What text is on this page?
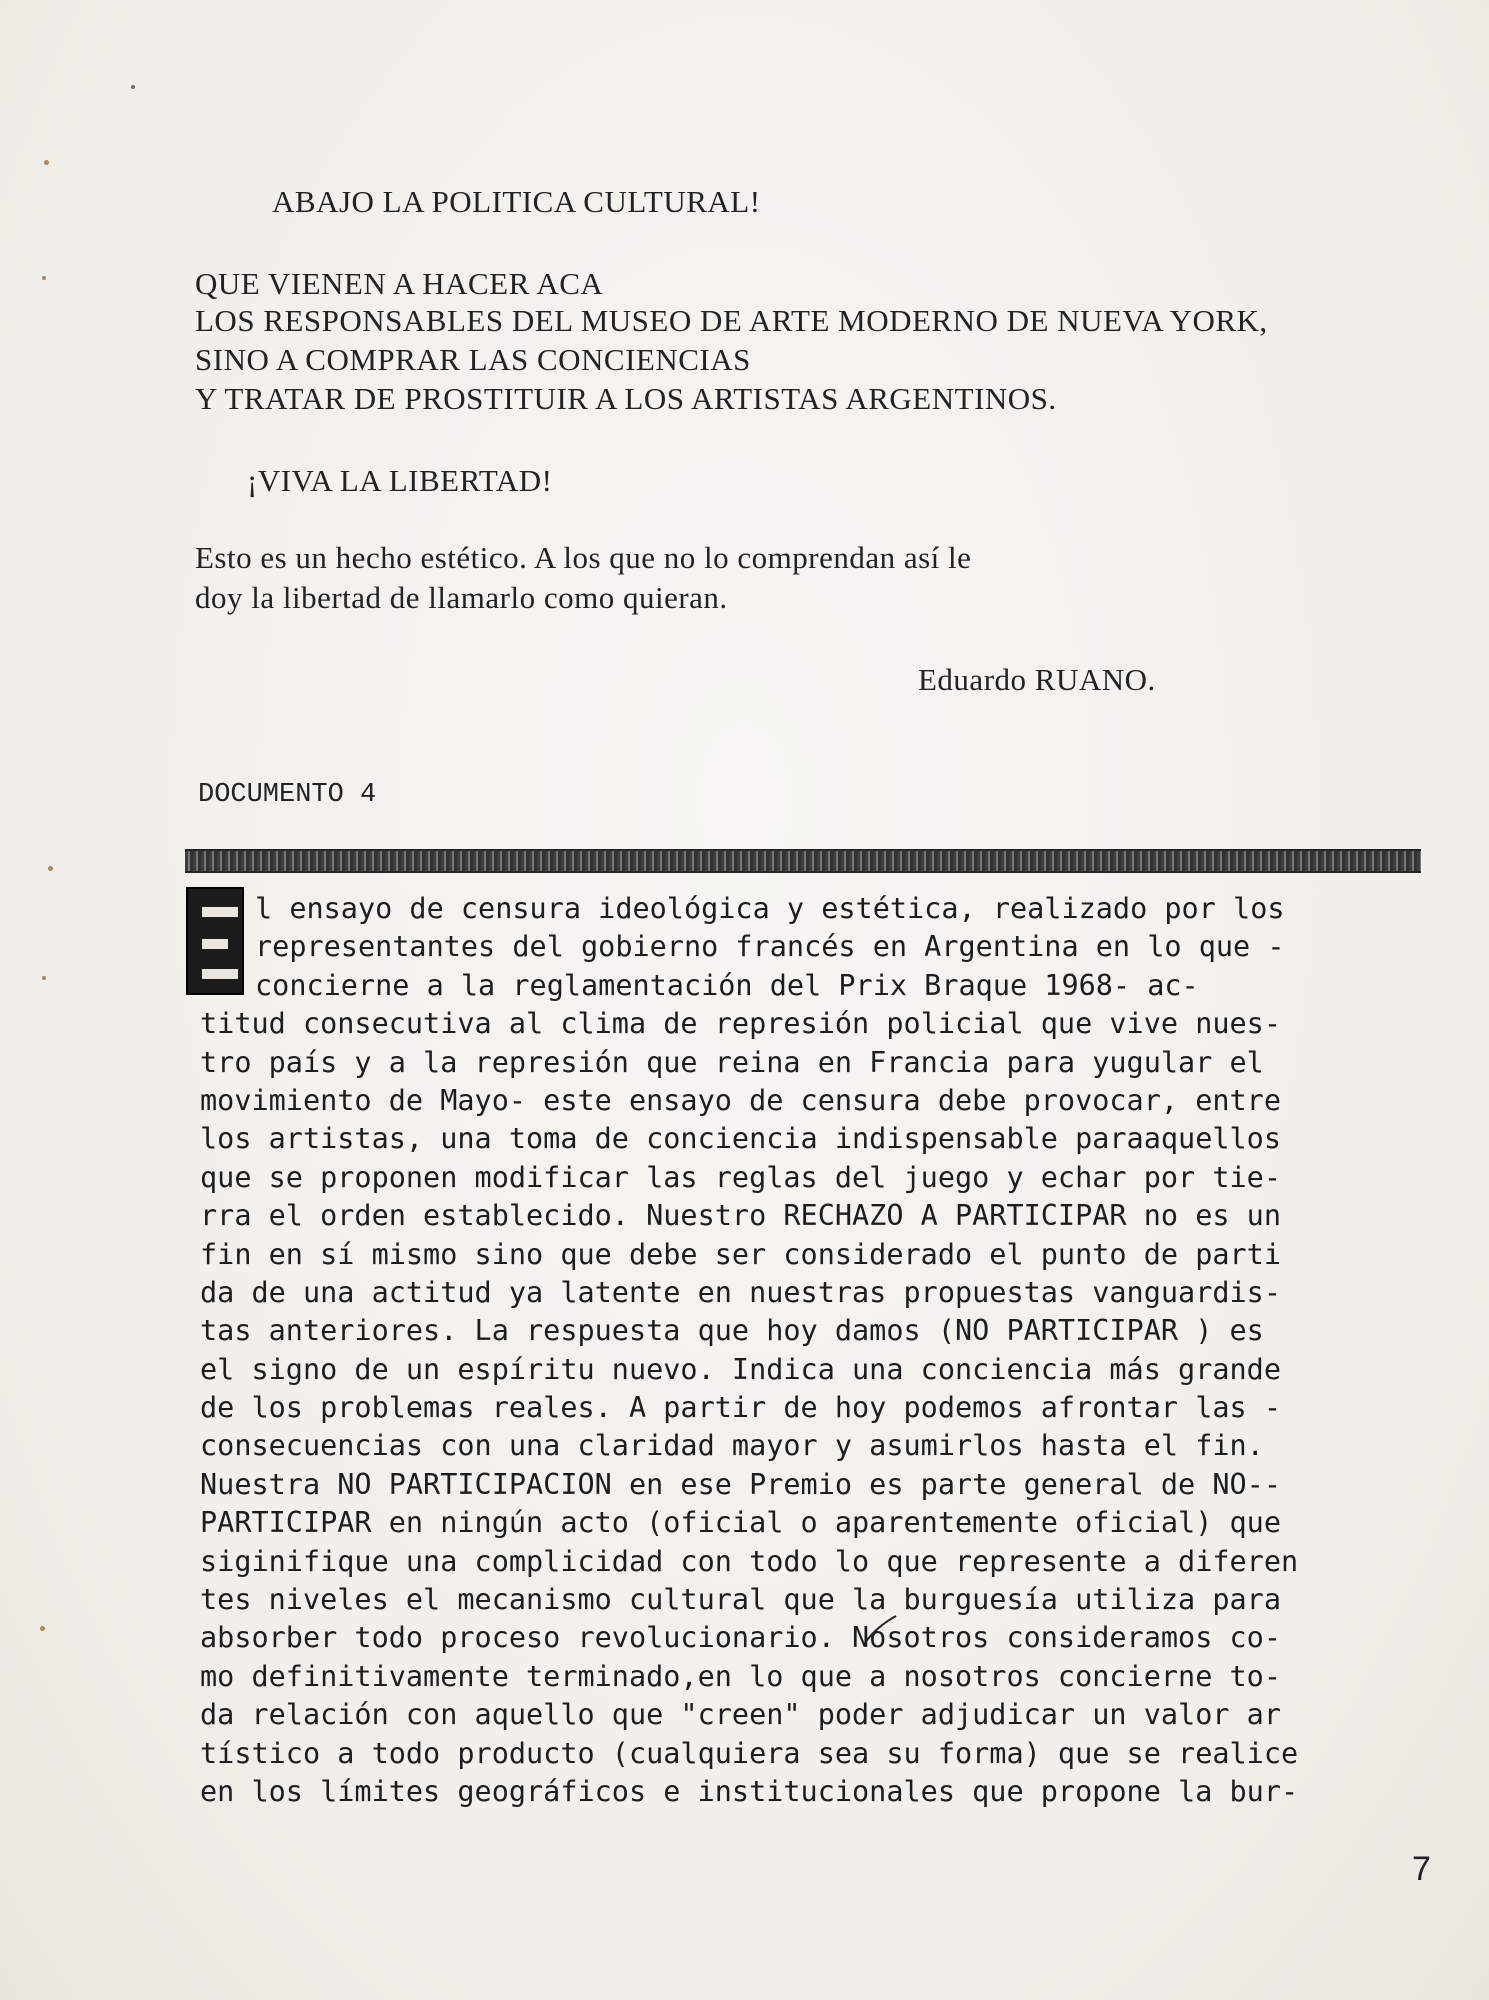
ABAJO LA POLITICA CULTURAL!
QUE VIENEN A HACER ACA
LOS RESPONSABLES DEL MUSEO DE ARTE MODERNO DE NUEVA YORK,
SINO A COMPRAR LAS CONCIENCIAS
Y TRATAR DE PROSTITUIR A LOS ARTISTAS ARGENTINOS.
¡VIVA LA LIBERTAD!
Esto es un hecho estético. A los que no lo comprendan así le
doy la libertad de llamarlo como quieran.
Eduardo RUANO.
DOCUMENTO 4
l ensayo de censura ideológica y estética, realizado por los
representantes del gobierno francés en Argentina en lo que -
concierne a la reglamentación del Prix Braque 1968- ac-
titud consecutiva al clima de represión policial que vive nues-
tro país y a la represión que reina en Francia para yugular el
movimiento de Mayo- este ensayo de censura debe provocar, entre
los artistas, una toma de conciencia indispensable paraaquellos
que se proponen modificar las reglas del juego y echar por tie-
rra el orden establecido. Nuestro RECHAZO A PARTICIPAR no es un
fin en sí mismo sino que debe ser considerado el punto de parti
da de una actitud ya latente en nuestras propuestas vanguardis-
tas anteriores. La respuesta que hoy damos (NO PARTICIPAR ) es
el signo de un espíritu nuevo. Indica una conciencia más grande
de los problemas reales. A partir de hoy podemos afrontar las -
consecuencias con una claridad mayor y asumirlos hasta el fin.
Nuestra NO PARTICIPACION en ese Premio es parte general de NO--
PARTICIPAR en ningún acto (oficial o aparentemente oficial) que
siginifique una complicidad con todo lo que represente a diferen
tes niveles el mecanismo cultural que la burguesía utiliza para
absorber todo proceso revolucionario. Nosotros consideramos co-
mo definitivamente terminado,en lo que a nosotros concierne to-
da relación con aquello que "creen" poder adjudicar un valor ar
tístico a todo producto (cualquiera sea su forma) que se realice
en los límites geográficos e institucionales que propone la bur-
7
